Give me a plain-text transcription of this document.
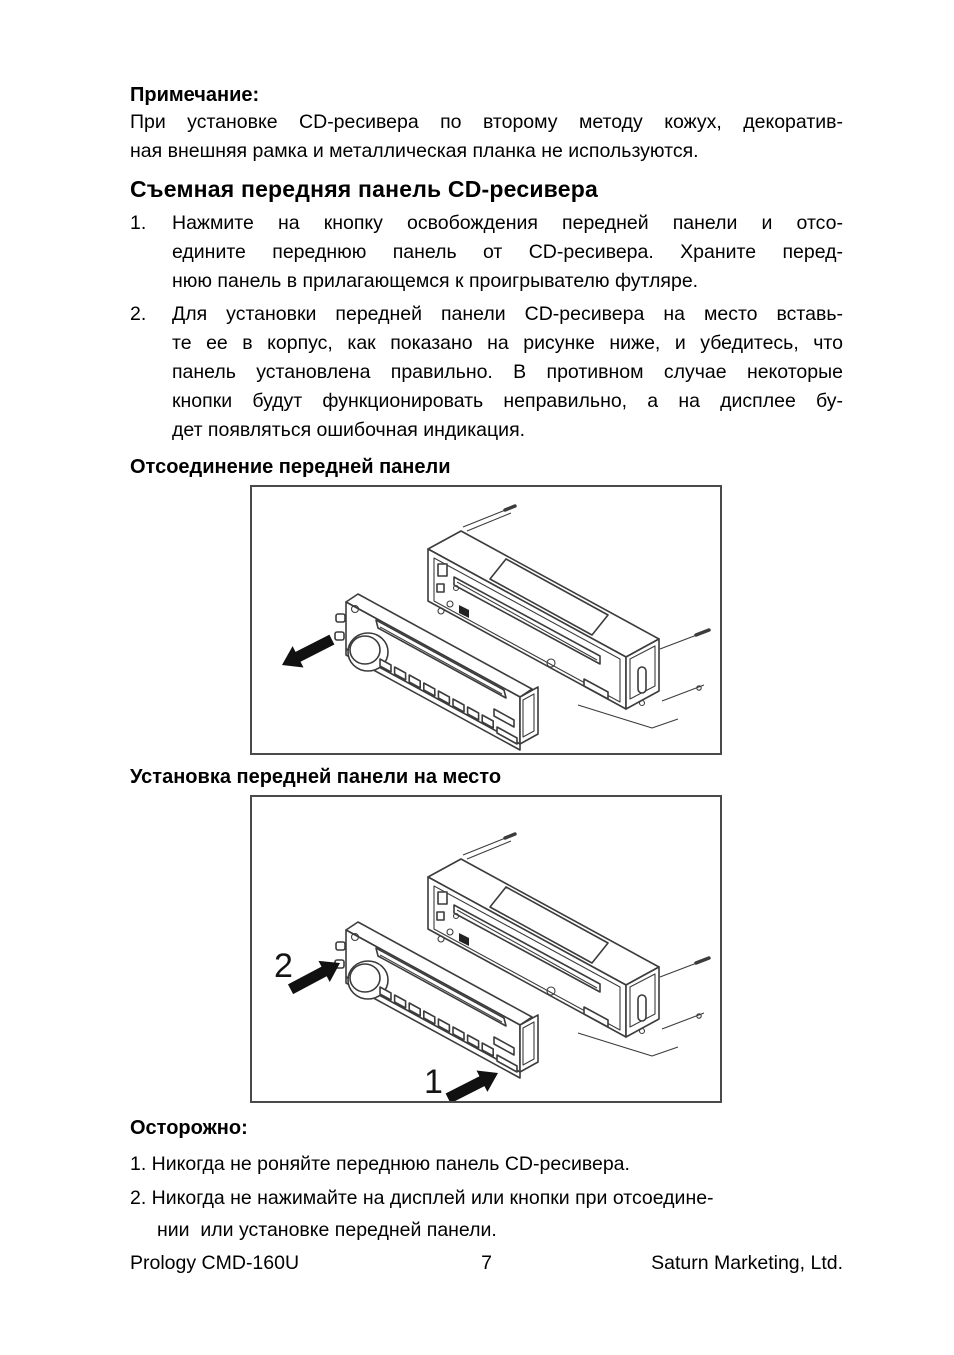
Примечание:
При установке CD-ресивера по второму методу кожух, декоратив-
ная внешняя рамка и металлическая планка не используются.
Съемная передняя панель CD-ресивера
1.	Нажмите на кнопку освобождения передней панели и отсо-
едините переднюю панель от CD-ресивера. Храните перед-
нюю панель в прилагающемся к проигрывателю футляре.
2.	Для установки передней панели CD-ресивера на место вставь-
те ее в корпус, как показано на рисунке ниже, и убедитесь, что
панель установлена правильно. В противном случае некоторые
кнопки будут функционировать неправильно, а на дисплее бу-
дет появляться ошибочная индикация.
Отсоединение передней панели
Установка передней панели на место
2
1
Осторожно:
1. Никогда не роняйте переднюю панель CD-ресивера.
2. Никогда не нажимайте на дисплей или кнопки при отсоедине-
нии  или установке передней панели.
Prology CMD-160U	7	Saturn Marketing, Ltd.
